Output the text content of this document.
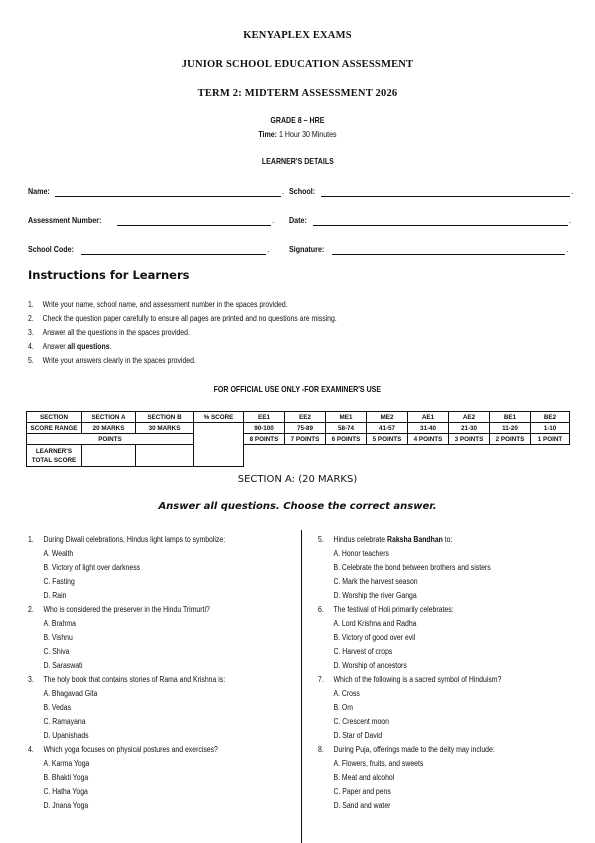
KENYAPLEX EXAMS
JUNIOR SCHOOL EDUCATION ASSESSMENT
TERM 2: MIDTERM ASSESSMENT 2026
GRADE 8 – HRE
Time: 1 Hour 30 Minutes
LEARNER'S DETAILS
Name:	. School:	.
Assessment Number:	. Date:	.
School Code:	. Signature:	.
Instructions for Learners
1. Write your name, school name, and assessment number in the spaces provided.
2. Check the question paper carefully to ensure all pages are printed and no questions are missing.
3. Answer all the questions in the spaces provided.
4. Answer all questions.
5. Write your answers clearly in the spaces provided.
FOR OFFICIAL USE ONLY -FOR EXAMINER'S USE
SECTION	SECTION A	SECTION B	% SCORE	EE1	EE2	ME1	ME2	AE1	AE2	BE1	BE2
SCORE RANGE	20 MARKS	30 MARKS		90-100	75-89	58-74	41-57	31-40	21-30	11-20	1-10
POINTS				8 POINTS	7 POINTS	6 POINTS	5 POINTS	4 POINTS	3 POINTS	2 POINTS	1 POINT
LEARNER'S
TOTAL SCORE											
SECTION A: (20 MARKS)
Answer all questions. Choose the correct answer.
1. During Diwali celebrations, Hindus light lamps to symbolize:
A. Wealth
B. Victory of light over darkness
C. Fasting
D. Rain
2. Who is considered the preserver in the Hindu Trimurti?
A. Brahma
B. Vishnu
C. Shiva
D. Saraswati
3. The holy book that contains stories of Rama and Krishna is:
A. Bhagavad Gita
B. Vedas
C. Ramayana
D. Upanishads
4. Which yoga focuses on physical postures and exercises?
A. Karma Yoga
B. Bhakti Yoga
C. Hatha Yoga
D. Jnana Yoga
5. Hindus celebrate Raksha Bandhan to:
A. Honor teachers
B. Celebrate the bond between brothers and sisters
C. Mark the harvest season
D. Worship the river Ganga
6. The festival of Holi primarily celebrates:
A. Lord Krishna and Radha
B. Victory of good over evil
C. Harvest of crops
D. Worship of ancestors
7. Which of the following is a sacred symbol of Hinduism?
A. Cross
B. Om
C. Crescent moon
D. Star of David
8. During Puja, offerings made to the deity may include:
A. Flowers, fruits, and sweets
B. Meat and alcohol
C. Paper and pens
D. Sand and water
